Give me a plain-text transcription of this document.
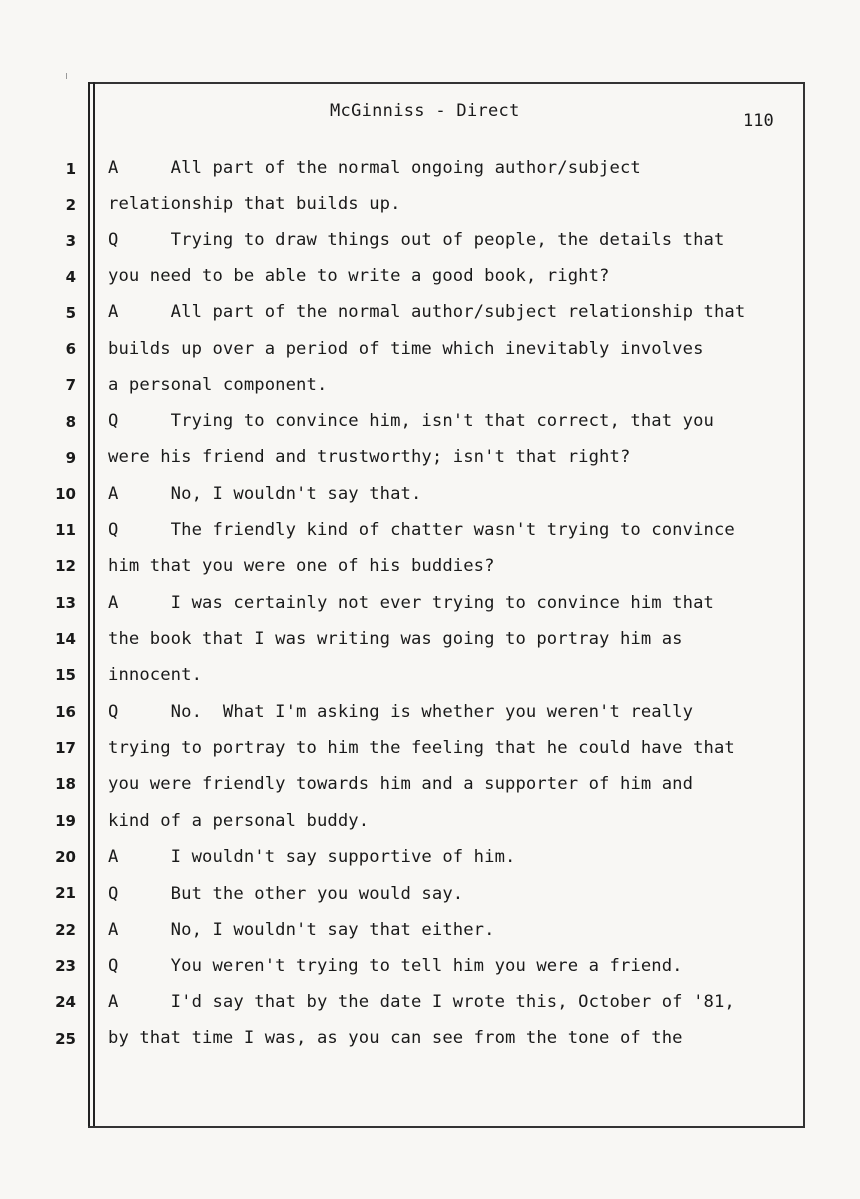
McGinniss - Direct	110
1 A     All part of the normal ongoing author/subject
2 relationship that builds up.
3 Q     Trying to draw things out of people, the details that
4 you need to be able to write a good book, right?
5 A     All part of the normal author/subject relationship that
6 builds up over a period of time which inevitably involves
7 a personal component.
8 Q     Trying to convince him, isn't that correct, that you
9 were his friend and trustworthy; isn't that right?
10 A     No, I wouldn't say that.
11 Q     The friendly kind of chatter wasn't trying to convince
12 him that you were one of his buddies?
13 A     I was certainly not ever trying to convince him that
14 the book that I was writing was going to portray him as
15 innocent.
16 Q     No.  What I'm asking is whether you weren't really
17 trying to portray to him the feeling that he could have that
18 you were friendly towards him and a supporter of him and
19 kind of a personal buddy.
20 A     I wouldn't say supportive of him.
21 Q     But the other you would say.
22 A     No, I wouldn't say that either.
23 Q     You weren't trying to tell him you were a friend.
24 A     I'd say that by the date I wrote this, October of '81,
25 by that time I was, as you can see from the tone of the
